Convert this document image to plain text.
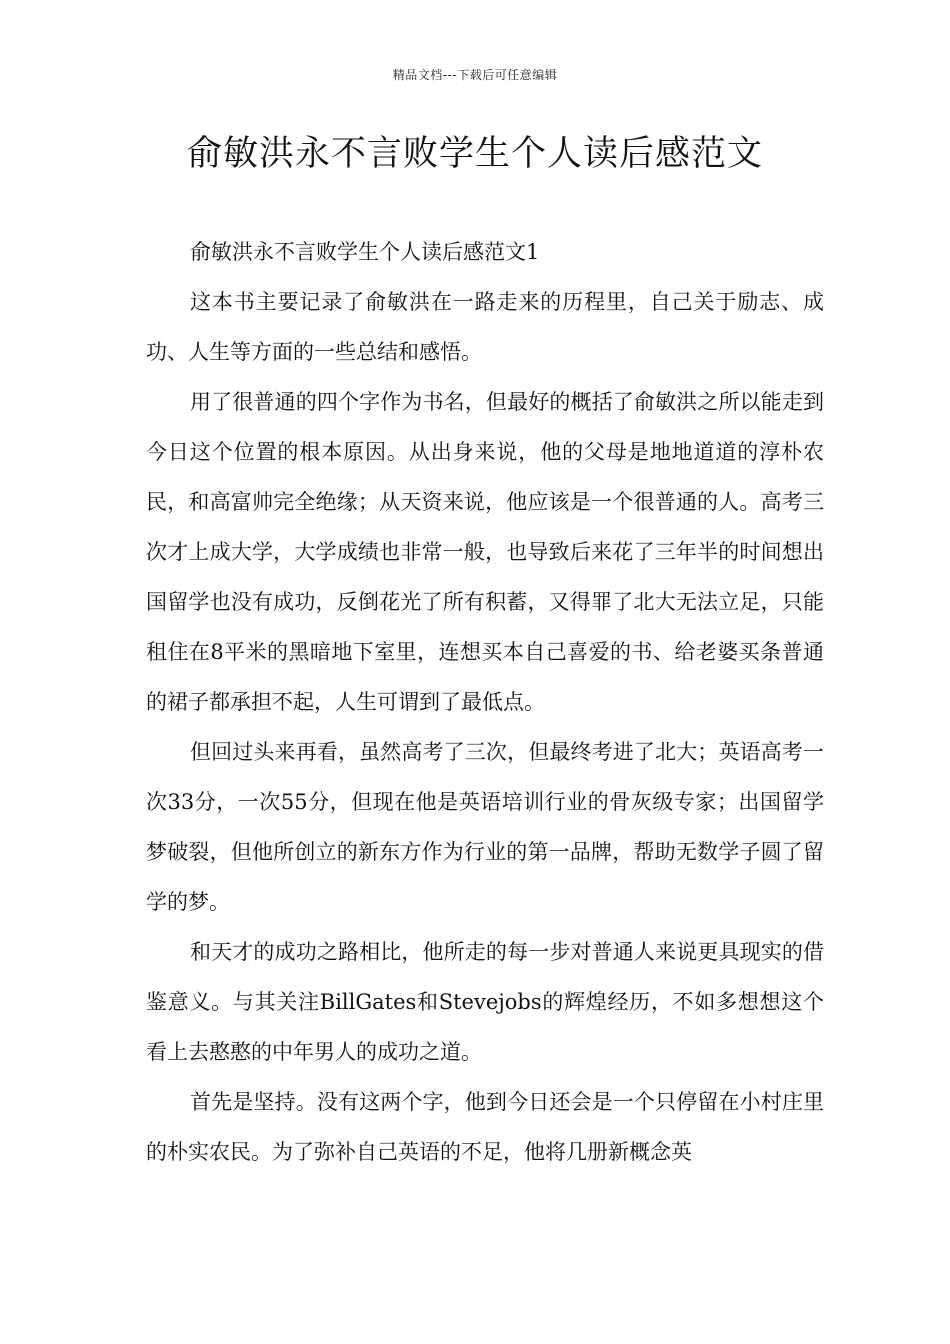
精品文档---下载后可任意编辑
俞敏洪永不言败学生个人读后感范文

俞敏洪永不言败学生个人读后感范文1

这本书主要记录了俞敏洪在一路走来的历程里，自己关于励志、成功、人生等方面的一些总结和感悟。

用了很普通的四个字作为书名，但最好的概括了俞敏洪之所以能走到今日这个位置的根本原因。从出身来说，他的父母是地地道道的淳朴农民，和高富帅完全绝缘；从天资来说，他应该是一个很普通的人。高考三次才上成大学，大学成绩也非常一般，也导致后来花了三年半的时间想出国留学也没有成功，反倒花光了所有积蓄，又得罪了北大无法立足，只能租住在8平米的黑暗地下室里，连想买本自己喜爱的书、给老婆买条普通的裙子都承担不起，人生可谓到了最低点。

但回过头来再看，虽然高考了三次，但最终考进了北大；英语高考一次33分，一次55分，但现在他是英语培训行业的骨灰级专家；出国留学梦破裂，但他所创立的新东方作为行业的第一品牌，帮助无数学子圆了留学的梦。

和天才的成功之路相比，他所走的每一步对普通人来说更具现实的借鉴意义。与其关注BillGates和Stevejobs的辉煌经历，不如多想想这个看上去憨憨的中年男人的成功之道。

首先是坚持。没有这两个字，他到今日还会是一个只停留在小村庄里的朴实农民。为了弥补自己英语的不足，他将几册新概念英
